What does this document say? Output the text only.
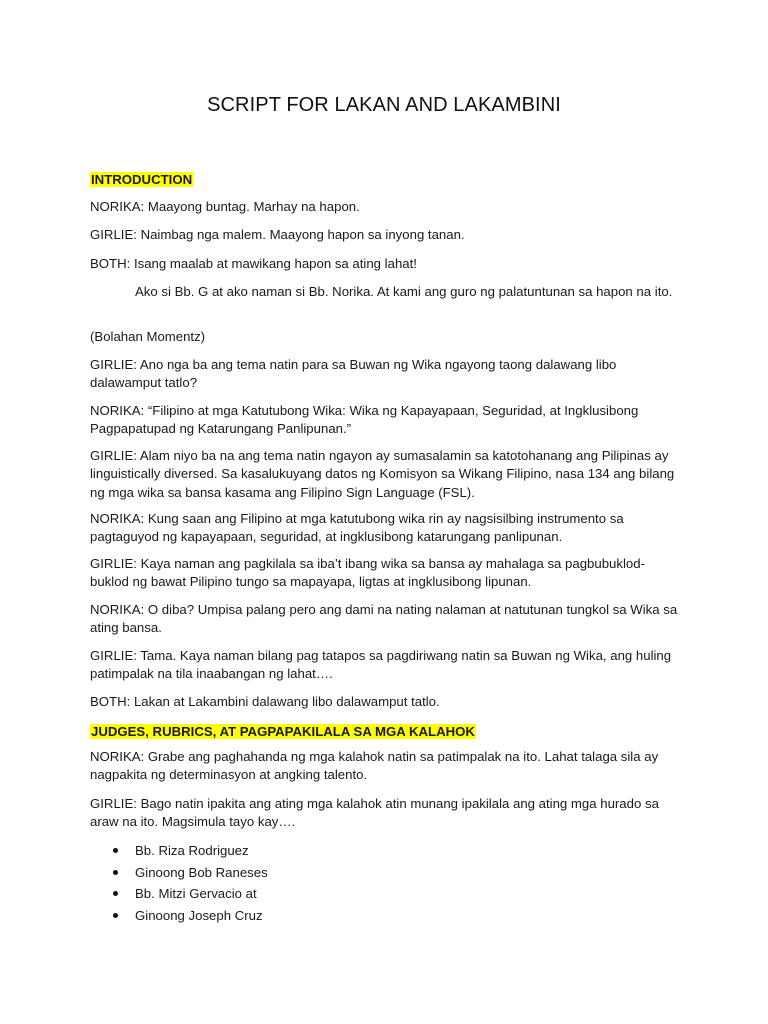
SCRIPT FOR LAKAN AND LAKAMBINI
INTRODUCTION

NORIKA: Maayong buntag. Marhay na hapon.

GIRLIE: Naimbag nga malem. Maayong hapon sa inyong tanan.

BOTH: Isang maalab at mawikang hapon sa ating lahat!

Ako si Bb. G at ako naman si Bb. Norika. At kami ang guro ng palatuntunan sa hapon na ito.

(Bolahan Momentz)

GIRLIE: Ano nga ba ang tema natin para sa Buwan ng Wika ngayong taong dalawang libo dalawamput tatlo?

NORIKA: “Filipino at mga Katutubong Wika: Wika ng Kapayapaan, Seguridad, at Ingklusibong Pagpapatupad ng Katarungang Panlipunan.”

GIRLIE: Alam niyo ba na ang tema natin ngayon ay sumasalamin sa katotohanang ang Pilipinas ay linguistically diversed. Sa kasalukuyang datos ng Komisyon sa Wikang Filipino, nasa 134 ang bilang ng mga wika sa bansa kasama ang Filipino Sign Language (FSL).

NORIKA: Kung saan ang Filipino at mga katutubong wika rin ay nagsisilbing instrumento sa pagtaguyod ng kapayapaan, seguridad, at ingklusibong katarungang panlipunan.

GIRLIE: Kaya naman ang pagkilala sa iba’t ibang wika sa bansa ay mahalaga sa pagbubuklod-buklod ng bawat Pilipino tungo sa mapayapa, ligtas at ingklusibong lipunan.

NORIKA: O diba? Umpisa palang pero ang dami na nating nalaman at natutunan tungkol sa Wika sa ating bansa.

GIRLIE: Tama. Kaya naman bilang pag tatapos sa pagdiriwang natin sa Buwan ng Wika, ang huling patimpalak na tila inaabangan ng lahat….

BOTH: Lakan at Lakambini dalawang libo dalawamput tatlo.

JUDGES, RUBRICS, AT PAGPAPAKILALA SA MGA KALAHOK

NORIKA: Grabe ang paghahanda ng mga kalahok natin sa patimpalak na ito. Lahat talaga sila ay nagpakita ng determinasyon at angking talento.

GIRLIE: Bago natin ipakita ang ating mga kalahok atin munang ipakilala ang ating mga hurado sa araw na ito. Magsimula tayo kay….

Bb. Riza Rodriguez
Ginoong Bob Raneses
Bb. Mitzi Gervacio at
Ginoong Joseph Cruz
